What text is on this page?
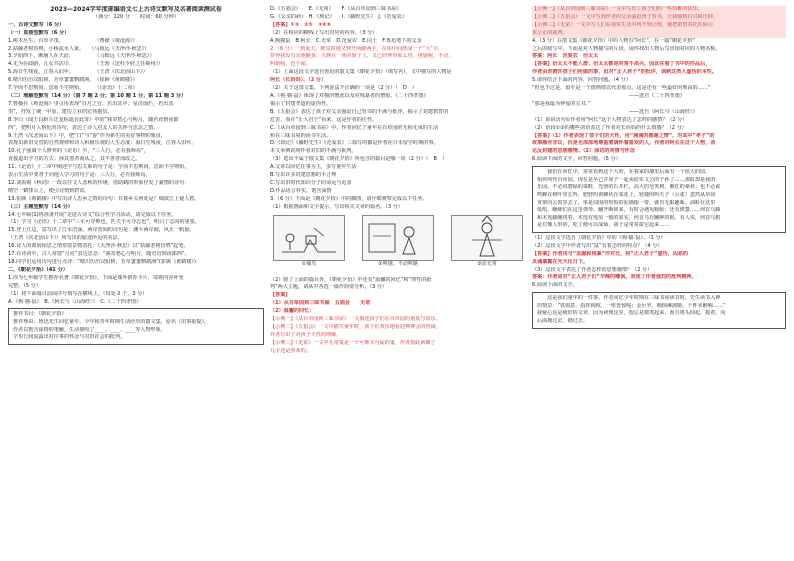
2023—2024学年度部编语文七上古诗文默写及名著阅读测试卷
（满分：120 分　　时间：60 分钟）
一、古诗文默写（6 分）
（一）直接型默写（6 分）
1.树木丛生，百草丰茂。　　　　　　　（曹操《观沧海》）
2.枯藤老树昏鸦，小桥流水人家。　　（马致远《天净沙·秋思》）
3.夕阳西下，断肠人在天涯。　　　　　（马致远《天净沙·秋思》）
4.无为在歧路，儿女共沾巾。　　　　　（王勃《送杜少府之任蜀州》）
5.海日生残夜，江春入旧年。　　　　　（王湾《次北固山下》）
6.晴川历历汉阳树，芳草萋萋鹦鹉洲。　（崔颢《黄鹤楼》）
7.学而不思则罔，思而不学则殆。　　　（《论语》十二章）
（二）理解型默写（14 分）（第 7 题 2 分；第 10 题 1 分；第 11 题 3 分）
7.曹操在《观沧海》里引用表现“日月之行，若出其中；星汉灿烂，若出其
里”，抒发了统一中原、建功立业的宏伟抱负。
8.李白《闻王昌龄左迁龙标遥有此寄》中的“我寄愁心与明月，随君直到夜郎
西”，把明月人格化的诗句，表达了诗人对友人的关怀与思念之情。
9.王湾《次北固山下》中，把“日”与“春”作为新生的美好事物的象征，
表现出新旧交替的自然规律和诗人积极乐观的人生态度：海日生残夜，江春入旧年。
10.孔子强调个人修养的《论语》中，“三人行，必有我师焉”，
直接道出学习的方式：择其善者而从之，其不善者而改之。
11.《论语》十二章中阐述学与思关系的句子是：学而不思则罔，思而不学则殆。
表示生活中要善于向他人学习的句子是：三人行，必有我师焉。
12.刘禹锡《秋词》一改以往文人悲秋的传统，借助鹤的形象抒发了豪情的诗句：
晴空一鹤排云上，便引诗情到碧霄。
13.崔颢《黄鹤楼》中写出诗人思乡之情的诗句：日暮乡关何处是？烟波江上使人愁。
（三）主题型默写（14 分）
14.七年级(1)班准备开展“走进古诗文”综合性学习活动，请完成以下任务。
（1）学习《论语》十二章中“三军可夺帅也，匹夫不可夺志也”，明白了志向的重要。
15.登上江边，意写出了江水浩荡、两岸宽阔的诗句是：潮平两岸阔，风正一帆悬。
（王湾《次北固山下》）所写出的旅途所见的美景。
16.诗人的离别相思之情常借景物寄托：《天净沙·秋思》以“枯藤老树昏鸦”起笔。
17.在诗词中，古人常借“月亮”表达思念：“我寄愁心与明月，随君直到夜郎西”。
18.同学们运用诗句进行点评：“晴川历历汉阳树，芳草萋萋鹦鹉洲”(崔颢《黄鹤楼》)
二、《朝花夕拾》（41 分）
1.你为七年级学生推荐名著《朝花夕拾》，下面是课外推荐卡片，请将内容补充
完整。（5 分）
（1）将下面篇目前面序号填写在横线上。（每处 2 个，3 分）
A.《狗·猫·鼠》　B.《阿长与〈山海经〉》　C.《二十四孝图》
推荐书目：《朝花夕拾》
推荐理由：鲁迅先生回忆童年、少年和青年时期生活经历的散文集，原名《旧事重提》。
作者以饱含深情的笔触，生动描绘了____、____、____等人物形象，
字里行间流露出对往事的怀念与对旧社会的批判。
D.《五猖会》　　E.《无常》　　F.《从百草园到三味书屋》
G.《父亲的病》　H.《琐记》　　I.《藤野先生》　J.《范爱农》
【答案】①③　②⑤　③⑧⑨
（2）在相应的横线上写出对应的内容。（3 分）
A.狗猫鼠　B.阿长　C.无常　D.范爱农　E.闰土　F.鲁迅笔下的父亲
2.（6 分）一到夏天，睡觉时她又伸开两脚两手，在床中间摆成一个“大”字，
挤得我没有余地翻身。久睡在一角的席子上，又已经烤得那么热。推她呢，不动；
叫她呢，也不闻。
（1）上面这段文字选自鲁迅的散文集《朝花夕拾》（填写名），文中描写的人物是
阿长（长妈妈）。（2 分）
（2）关于这部文集，下列说法不正确的一项是（2 分）（　D　）
A.《狗·猫·鼠》体现了对猫的憎恶以及对残暴者的憎恨。《二十四孝图》
揭示了封建孝道的虚伪性。
B.《五猖会》表达了孩子对父亲强迫自己背书的不满与批评，揭示了封建教育的
危害，而在“正人君子”看来，这是作者的任性。
C.《从百草园到三味书屋》中，作者回忆了童年在百草园的无拘无束的生活
和在三味书屋的读书生活。
D.《琐记》《藤野先生》《范爱农》三篇写的都是作者在日本留学时期的事，
本文举例说明作者对旧的不满与批判。
（3）选出不属于散文集《朝花夕拾》所包含的篇目是哪一项（2 分）（　B　）
A.文章以回忆往事为主，多写童年生活
B.写出许多封建思想的不合理
C.写出旧时代知识分子的命运与追求
D.作品语言朴实，饱含深情
3.（6 分）下面是《朝花夕拾》中的插图，请仔细观察完成以下任务。
（1）根据画面和文字提示，写出相关文章的篇名。（3 分）
①捕鸟	②叫她，不动叫她	③活无常
（2）除了上面的篇目外，《朝花夕拾》中还有“温馨的回忆”和“理性的批
判”两大主题，请从中各选一篇作简要分析。（3 分）
【答案】
（1）从百草园到三味书屋　五猖会　　无常
（2）温馨的回忆：
【示例一】《从百草园到三味书屋》一文描述孩子们在百草园的童真与快乐。
【示例二】《五猖会》一文中描写童年时，孩子们欢乐地看迎神赛会的热闹，
作者写出了对孩子天性的理解。
【示例三】《无常》一文中无常鬼是一个可怖又可爱的鬼，作者借此讽刺了
儿子还是喜欢的。
【示例一】《从百草园到三味书屋》一文中写出了孩子们的一些幼稚的快乐。
【示例二】《五猖会》一文中写到作者的父亲强迫孩子背书，让我感到扫兴和压抑。
【示例三】《无常》一文中写人们在现实生活中找不到公理，便把希望寄托在阴司
求公正的裁判。
4.（3 分）在散文集《朝花夕拾》中的人物有“阿长”，在一篇“朝花夕拾”
之后的续写中，下面是对人物描写的片段，请你找出人物后写出相对应的人物名称。
答案：阿长　范爱农　衍太太
【答案】衍太太不能入群；衍太太都是时常不高兴，因此在看了书中的作品后，
作者由衷赞许孩子们所做的事，但对“正人君子”的批评，讽刺这类人虚伪的本性。
5.请你结合下面的内容，回答问题。（4 分）
“但也不过是，似乎是一个图画借以代表那点，这是还有一些最好的理由的……”
　　　　　　　　　　　　　　　　　　　——选自《二十四孝图》
“那是我最为钟爱的宝书。”
　　　　　　　　　　　　　　　　　　　——选自《阿长与〈山海经〉》
（1）说说语句①作者用“阿长”这个人物表达了怎样的感情？（2 分）
（2）语段①③的哪些词语表达了作者对长妈妈的什么情感？（2 分）
【答案】（1）作者表现了孩子们的天性，用“满满的感谢之情”，对其中“孝子”的
故事颇有非议，但是也深深地尊重着满怀着喜欢的人，作者对阿长在这个人物，表
达反封建的思想感情。（2）深切的同情与怀念
6.阅读下面的文字，回答问题。（5 分）
　　我们在回忆中，常常看到这个大的，在我家的墙里后面有一个很大的园，
相传叫作百草园。现在是早已并屋子一起卖给朱文公的子孙了……那时却是我的
乐园。不必说碧绿的菜畦，光滑的石井栏，高大的皂荚树，紫红的桑葚；也不必说
鸣蝉在树叶里长吟，肥胖的黄蜂伏在菜花上，轻捷的叫天子（云雀）忽然从草间
直窜向云霄里去了。单是周围的短短的泥墙根一带，就有无限趣味。油蛉在这里
低唱，蟋蟀们在这里弹琴。翻开断砖来，有时会遇见蜈蚣；还有斑蝥……何首乌藤
和木莲藤缠络着，木莲有莲房一般的果实，何首乌有臃肿的根。有人说，何首乌根
是有像人形的，吃了便可以成仙，我于是常常拔它起来……
（1）这段文字选自《朝花夕拾》中的《狗·猫·鼠》。（1 分）
（2）这段文字中作者写出“鼠”有着怎样的特点？（4 分）
【答案】作者用与“血腥和残暴”作对比，将“正人君子”虚伪、凶恶的
灵魂暴露在光天化日下。
（3）这段文字表达了作者怎样的思想感情？（2 分）
答案：作者是对“正人君子们”辛辣的嘲讽，表现了作者强烈的批判精神。
6.阅读下面的文字。
　　这是我们童年的一件事。作者回忆少年时期在三味书屋读书时，先生读书入神
的情景：“铁如意，指挥倜傥，一座皆惊呢；金叵罗，颠倒淋漓噫，千杯未醉嗬……”
我疑心这是极好的文章，因为读到这里，他总是微笑起来，而且将头仰起，摇着，向
后面拗过去，拗过去。
